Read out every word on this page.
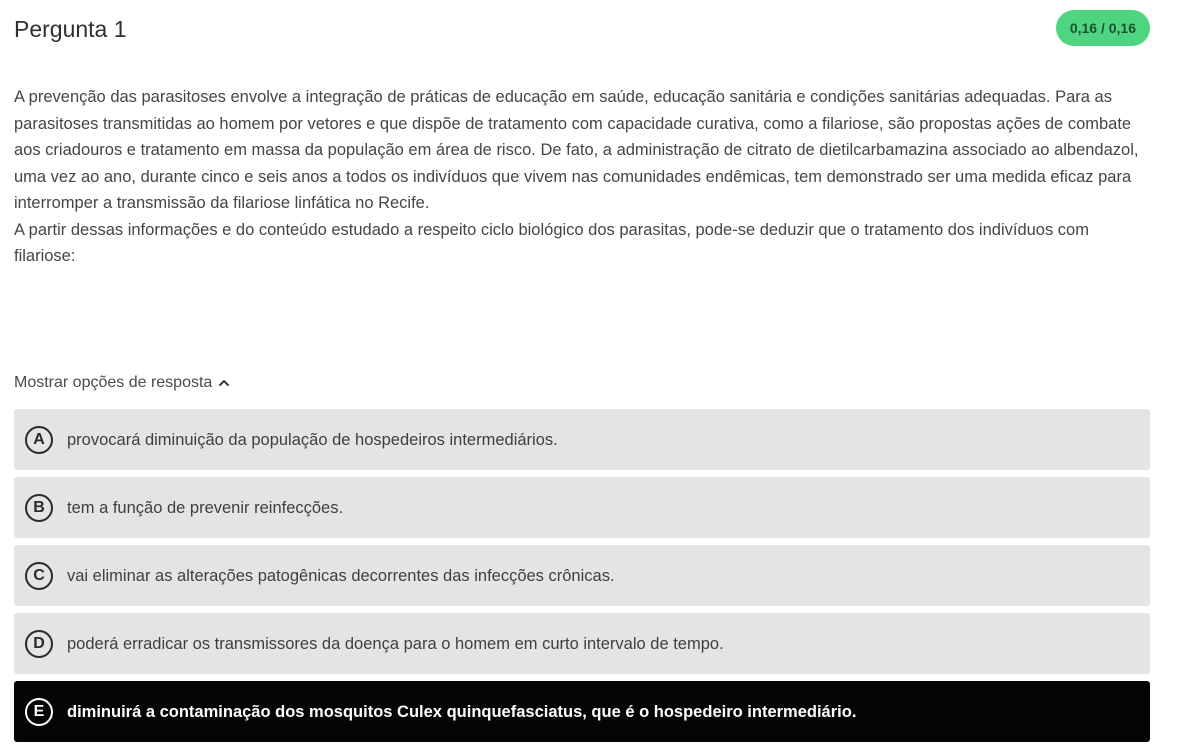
Pergunta 1	0,16 / 0,16

A prevenção das parasitoses envolve a integração de práticas de educação em saúde, educação sanitária e condições sanitárias adequadas. Para as parasitoses transmitidas ao homem por vetores e que dispõe de tratamento com capacidade curativa, como a filariose, são propostas ações de combate aos criadouros e tratamento em massa da população em área de risco. De fato, a administração de citrato de dietilcarbamazina associado ao albendazol, uma vez ao ano, durante cinco e seis anos a todos os indivíduos que vivem nas comunidades endêmicas, tem demonstrado ser uma medida eficaz para interromper a transmissão da filariose linfática no Recife.

A partir dessas informações e do conteúdo estudado a respeito ciclo biológico dos parasitas, pode-se deduzir que o tratamento dos indivíduos com filariose:

Mostrar opções de resposta
A	provocará diminuição da população de hospedeiros intermediários.
B	tem a função de prevenir reinfecções.
C	vai eliminar as alterações patogênicas decorrentes das infecções crônicas.
D	poderá erradicar os transmissores da doença para o homem em curto intervalo de tempo.
E	diminuirá a contaminação dos mosquitos Culex quinquefasciatus, que é o hospedeiro intermediário.
